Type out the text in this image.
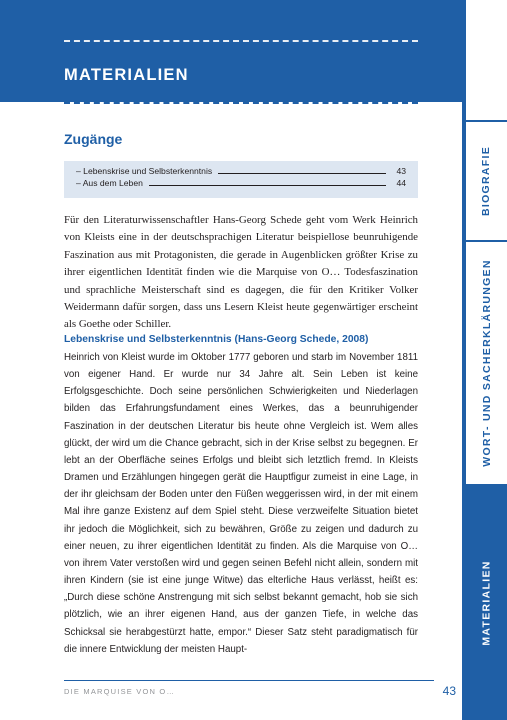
MATERIALIEN
BIOGRAFIE
WORT- UND SACHERKLÄRUNGEN
MATERIALIEN
Zugänge
– Lebenskrise und Selbsterkenntnis	43
– Aus dem Leben	44

Für den Literaturwissenschaftler Hans-Georg Schede geht vom Werk Heinrich von Kleists eine in der deutschsprachigen Literatur beispiellose beunruhigende Faszination aus mit Protagonisten, die gerade in Augenblicken größter Krise zu ihrer eigentlichen Identität finden wie die Marquise von O… Todesfaszination und sprachliche Meisterschaft sind es dagegen, die für den Kritiker Volker Weidermann dafür sorgen, dass uns Lesern Kleist heute gegenwärtiger erscheint als Goethe oder Schiller.

Lebenskrise und Selbsterkenntnis (Hans-Georg Schede, 2008)

Heinrich von Kleist wurde im Oktober 1777 geboren und starb im November 1811 von eigener Hand. Er wurde nur 34 Jahre alt. Sein Leben ist keine Erfolgsgeschichte. Doch seine persönlichen Schwierigkeiten und Niederlagen bilden das Erfahrungsfundament eines Werkes, das a beunruhigender Faszination in der deutschen Literatur bis heute ohne Vergleich ist. Wem alles glückt, der wird um die Chance gebracht, sich in der Krise selbst zu begegnen. Er lebt an der Oberfläche seines Erfolgs und bleibt sich letztlich fremd. In Kleists Dramen und Erzählungen hingegen gerät die Hauptfigur zumeist in eine Lage, in der ihr gleichsam der Boden unter den Füßen weggerissen wird, in der mit einem Mal ihre ganze Existenz auf dem Spiel steht. Diese verzweifelte Situation bietet ihr jedoch die Möglichkeit, sich zu bewähren, Größe zu zeigen und dadurch zu einer neuen, zu ihrer eigentlichen Identität zu finden. Als die Marquise von O… von ihrem Vater verstoßen wird und gegen seinen Befehl nicht allein, sondern mit ihren Kindern (sie ist eine junge Witwe) das elterliche Haus verlässt, heißt es: „Durch diese schöne Anstrengung mit sich selbst bekannt gemacht, hob sie sich plötzlich, wie an ihrer eigenen Hand, aus der ganzen Tiefe, in welche das Schicksal sie herabgestürzt hatte, empor.“ Dieser Satz steht paradigmatisch für die innere Entwicklung der meisten Haupt-

DIE MARQUISE VON O…	43
